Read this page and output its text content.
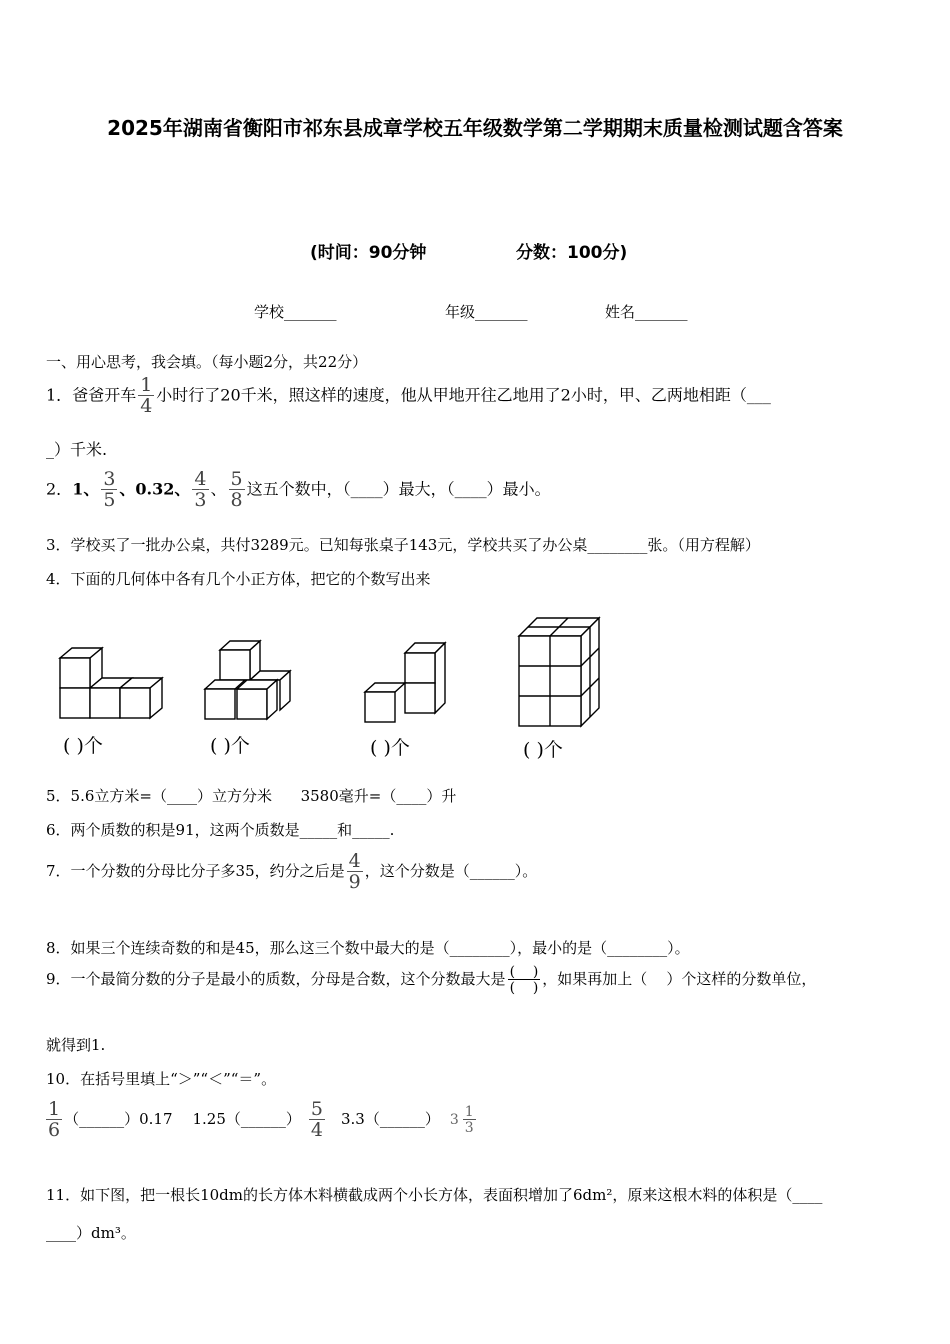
2025年湖南省衡阳市祁东县成章学校五年级数学第二学期期末质量检测试题含答案
(时间：90分钟	分数：100分)
学校_______	年级_______	姓名_______
一、用心思考，我会填。（每小题2分，共22分）
1．爸爸开车 $\frac{1}{4}$ 小时行了20千米，照这样的速度，他从甲地开往乙地用了2小时，甲、乙两地相距（___
_）千米.
2．1、 $\frac{3}{5}$ 、0.32、 $\frac{4}{3}$ 、 $\frac{5}{8}$ 这五个数中，（____）最大，（____）最小。
3．学校买了一批办公桌，共付3289元。已知每张桌子143元，学校共买了办公桌________张。（用方程解）
4．下面的几何体中各有几个小正方体，把它的个数写出来
( )个	( )个	( )个	( )个
5．5.6立方米=（____）立方分米      3580毫升=（____）升
6．两个质数的积是91，这两个质数是_____和_____.
7．一个分数的分母比分子多35，约分之后是 $\frac{4}{9}$ ，这个分数是（______）。
8．如果三个连续奇数的和是45，那么这三个数中最大的是（________），最小的是（________）。
9．一个最简分数的分子是最小的质数，分母是合数，这个分数最大是 $\frac{( )}{( )}$ ，如果再加上（    ）个这样的分数单位，
就得到1.
10．在括号里填上“＞”“＜”“＝”。
$\frac{1}{6}$ （______）0.17 1.25（______） $\frac{5}{4}$ 3.3（______） $3 \frac{1}{3}$
11．如下图，把一根长10dm的长方体木料横截成两个小长方体，表面积增加了6dm²，原来这根木料的体积是（____
____）dm³。
